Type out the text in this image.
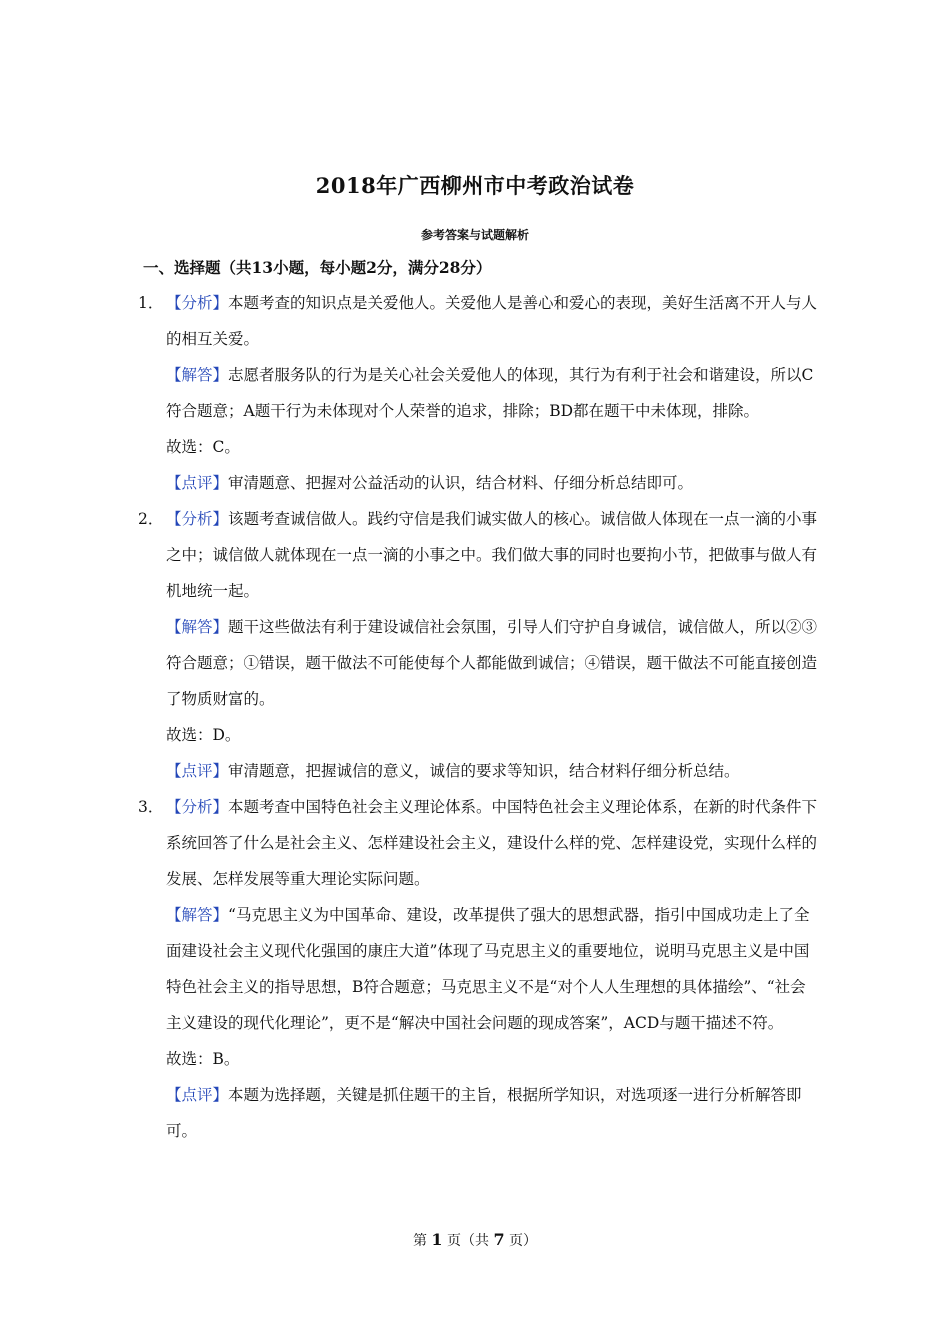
2018年广西柳州市中考政治试卷
参考答案与试题解析
一、选择题（共13小题，每小题2分，满分28分）
1． 【分析】本题考查的知识点是关爱他人。关爱他人是善心和爱心的表现，美好生活离不开人与人的相互关爱。
【解答】志愿者服务队的行为是关心社会关爱他人的体现，其行为有利于社会和谐建设，所以C符合题意；A题干行为未体现对个人荣誉的追求，排除；BD都在题干中未体现，排除。
故选：C。
【点评】审清题意、把握对公益活动的认识，结合材料、仔细分析总结即可。
2． 【分析】该题考查诚信做人。践约守信是我们诚实做人的核心。诚信做人体现在一点一滴的小事之中；诚信做人就体现在一点一滴的小事之中。我们做大事的同时也要拘小节，把做事与做人有机地统一起。
【解答】题干这些做法有利于建设诚信社会氛围，引导人们守护自身诚信，诚信做人，所以②③符合题意；①错误，题干做法不可能使每个人都能做到诚信；④错误，题干做法不可能直接创造了物质财富的。
故选：D。
【点评】审清题意，把握诚信的意义，诚信的要求等知识，结合材料仔细分析总结。
3． 【分析】本题考查中国特色社会主义理论体系。中国特色社会主义理论体系，在新的时代条件下系统回答了什么是社会主义、怎样建设社会主义，建设什么样的党、怎样建设党，实现什么样的发展、怎样发展等重大理论实际问题。
【解答】“马克思主义为中国革命、建设，改革提供了强大的思想武器，指引中国成功走上了全面建设社会主义现代化强国的康庄大道”体现了马克思主义的重要地位，说明马克思主义是中国特色社会主义的指导思想，B符合题意；马克思主义不是“对个人人生理想的具体描绘”、“社会主义建设的现代化理论”，更不是“解决中国社会问题的现成答案”，ACD与题干描述不符。
故选：B。
【点评】本题为选择题，关键是抓住题干的主旨，根据所学知识，对选项逐一进行分析解答即可。
第 1 页（共 7 页）
